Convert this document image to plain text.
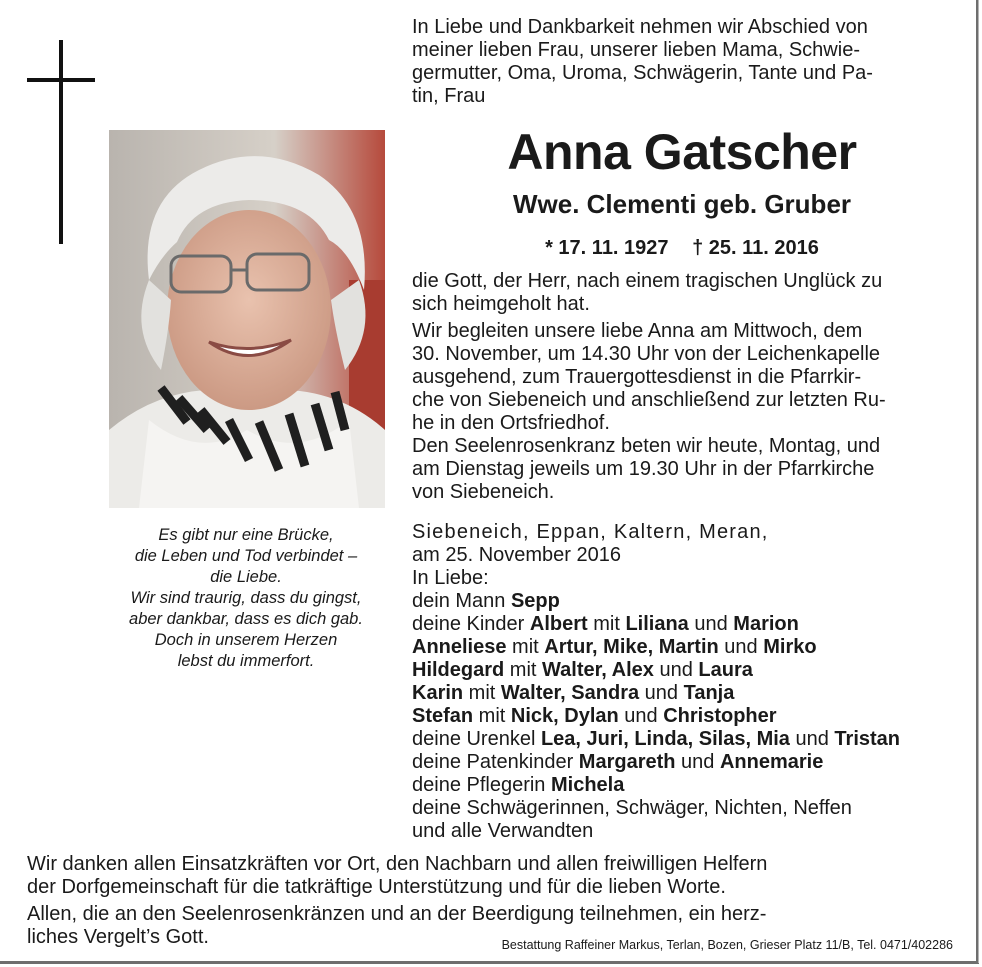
In Liebe und Dankbarkeit nehmen wir Abschied von
meiner lieben Frau, unserer lieben Mama, Schwie-
germutter, Oma, Uroma, Schwägerin, Tante und Pa-
tin, Frau
Anna Gatscher
Wwe. Clementi geb. Gruber
* 17. 11. 1927 † 25. 11. 2016
die Gott, der Herr, nach einem tragischen Unglück zu
sich heimgeholt hat.
Wir begleiten unsere liebe Anna am Mittwoch, dem
30. November, um 14.30 Uhr von der Leichenkapelle
ausgehend, zum Trauergottesdienst in die Pfarrkir-
che von Siebeneich und anschließend zur letzten Ru-
he in den Ortsfriedhof.
Den Seelenrosenkranz beten wir heute, Montag, und
am Dienstag jeweils um 19.30 Uhr in der Pfarrkirche
von Siebeneich.
Es gibt nur eine Brücke,
die Leben und Tod verbindet –
die Liebe.
Wir sind traurig, dass du gingst,
aber dankbar, dass es dich gab.
Doch in unserem Herzen
lebst du immerfort.
Siebeneich, Eppan, Kaltern, Meran,
am 25. November 2016
In Liebe:
dein Mann Sepp
deine Kinder Albert mit Liliana und Marion
Anneliese mit Artur, Mike, Martin und Mirko
Hildegard mit Walter, Alex und Laura
Karin mit Walter, Sandra und Tanja
Stefan mit Nick, Dylan und Christopher
deine Urenkel Lea, Juri, Linda, Silas, Mia und Tristan
deine Patenkinder Margareth und Annemarie
deine Pflegerin Michela
deine Schwägerinnen, Schwäger, Nichten, Neffen
und alle Verwandten
Wir danken allen Einsatzkräften vor Ort, den Nachbarn und allen freiwilligen Helfern
der Dorfgemeinschaft für die tatkräftige Unterstützung und für die lieben Worte.
Allen, die an den Seelenrosenkränzen und an der Beerdigung teilnehmen, ein herz-
liches Vergelt’s Gott.	Bestattung Raffeiner Markus, Terlan, Bozen, Grieser Platz 11/B, Tel. 0471/402286
